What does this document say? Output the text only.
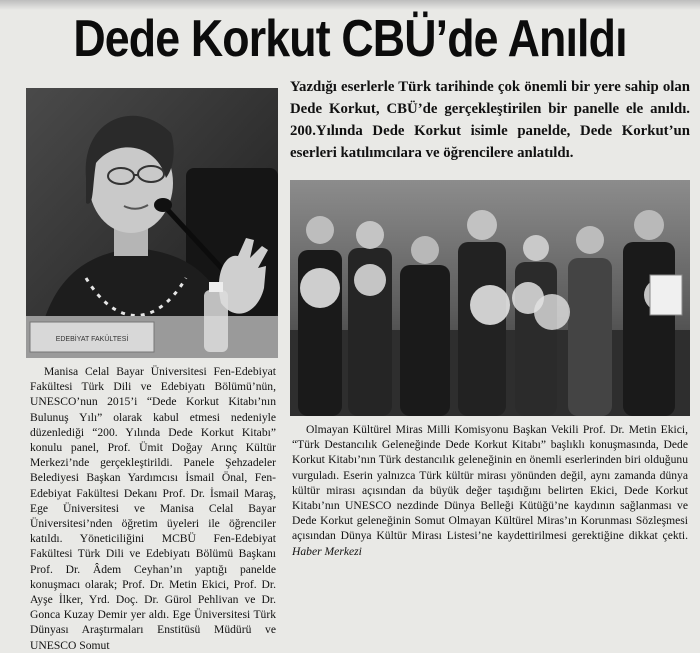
Dede Korkut CBÜ’de Anıldı
Yazdığı eserlerle Türk tarihinde çok önemli bir yere sahip olan Dede Korkut, CBÜ’de gerçekleştirilen bir panelle ele anıldı. 200.Yılında Dede Korkut isimle panelde, Dede Korkut’un eserleri katılımcılara ve öğrencilere anlatıldı.
EDEBİYAT FAKÜLTESİ

Manisa Celal Bayar Üniversitesi Fen-Edebiyat Fakültesi Türk Dili ve Edebiyatı Bölümü’nün, UNESCO’nun 2015’i “Dede Korkut Kitabı’nın Bulunuş Yılı” olarak kabul etmesi nedeniyle düzenlediği “200. Yılında Dede Korkut Kitabı” konulu panel, Prof. Ümit Doğay Arınç Kültür Merkezi’nde gerçekleştirildi. Panele Şehzadeler Belediyesi Başkan Yardımcısı İsmail Önal, Fen-Edebiyat Fakültesi Dekanı Prof. Dr. İsmail Maraş, Ege Üniversitesi ve Manisa Celal Bayar Üniversitesi’nden öğretim üyeleri ile öğrenciler katıldı. Yöneticiliğini MCBÜ Fen-Edebiyat Fakültesi Türk Dili ve Edebiyatı Bölümü Başkanı Prof. Dr. Âdem Ceyhan’ın yaptığı panelde konuşmacı olarak; Prof. Dr. Metin Ekici, Prof. Dr. Ayşe İlker, Yrd. Doç. Dr. Gürol Pehlivan ve Dr. Gonca Kuzay Demir yer aldı. Ege Üniversitesi Türk Dünyası Araştırmaları Enstitüsü Müdürü ve UNESCO Somut

Olmayan Kültürel Miras Milli Komisyonu Başkan Vekili Prof. Dr. Metin Ekici, “Türk Destancılık Geleneğinde Dede Korkut Kitabı” başlıklı konuşmasında, Dede Korkut Kitabı’nın Türk destancılık geleneğinin en önemli eserlerinden biri olduğunu vurguladı. Eserin yalnızca Türk kültür mirası yönünden değil, aynı zamanda dünya kültür mirası açısından da büyük değer taşıdığını belirten Ekici, Dede Korkut Kitabı’nın UNESCO nezdinde Dünya Belleği Kütüğü’ne kaydının sağlanması ve Dede Korkut geleneğinin Somut Olmayan Kültürel Miras’ın Korunması Sözleşmesi açısından Dünya Kültür Mirası Listesi’ne kaydettirilmesi gerektiğine dikkat çekti. Haber Merkezi
